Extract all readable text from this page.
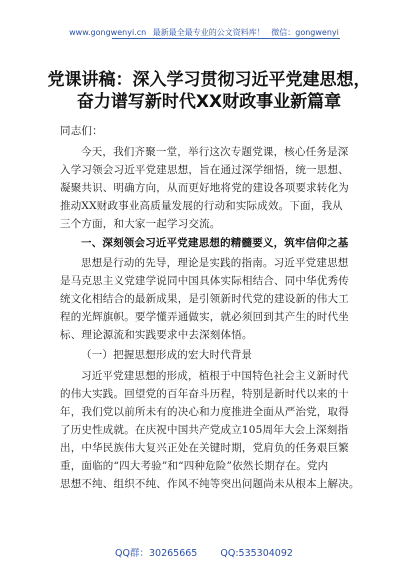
www.gongwenyi.cn 最新最全最专业的公文资料库！ 微信：gongwenyi
党课讲稿：深入学习贯彻习近平党建思想，
奋力谱写新时代XX财政事业新篇章
同志们：
今天，我们齐聚一堂，举行这次专题党课，核心任务是深
入学习领会习近平党建思想，旨在通过深学细悟，统一思想、
凝聚共识、明确方向，从而更好地将党的建设各项要求转化为
推动XX财政事业高质量发展的行动和实际成效。下面，我从
三个方面，和大家一起学习交流。
一、深刻领会习近平党建思想的精髓要义，筑牢信仰之基
思想是行动的先导，理论是实践的指南。习近平党建思想
是马克思主义党建学说同中国具体实际相结合、同中华优秀传
统文化相结合的最新成果，是引领新时代党的建设新的伟大工
程的光辉旗帜。要学懂弄通做实，就必须回到其产生的时代坐
标、理论源流和实践要求中去深刻体悟。
（一）把握思想形成的宏大时代背景
习近平党建思想的形成，植根于中国特色社会主义新时代
的伟大实践。回望党的百年奋斗历程，特别是新时代以来的十
年，我们党以前所未有的决心和力度推进全面从严治党，取得
了历史性成就。在庆祝中国共产党成立105周年大会上深刻指
出，中华民族伟大复兴正处在关键时期，党肩负的任务艰巨繁
重，面临的“四大考验”和“四种危险”依然长期存在。党内
思想不纯、组织不纯、作风不纯等突出问题尚未从根本上解决。
QQ群：30265665 QQ:535304092
